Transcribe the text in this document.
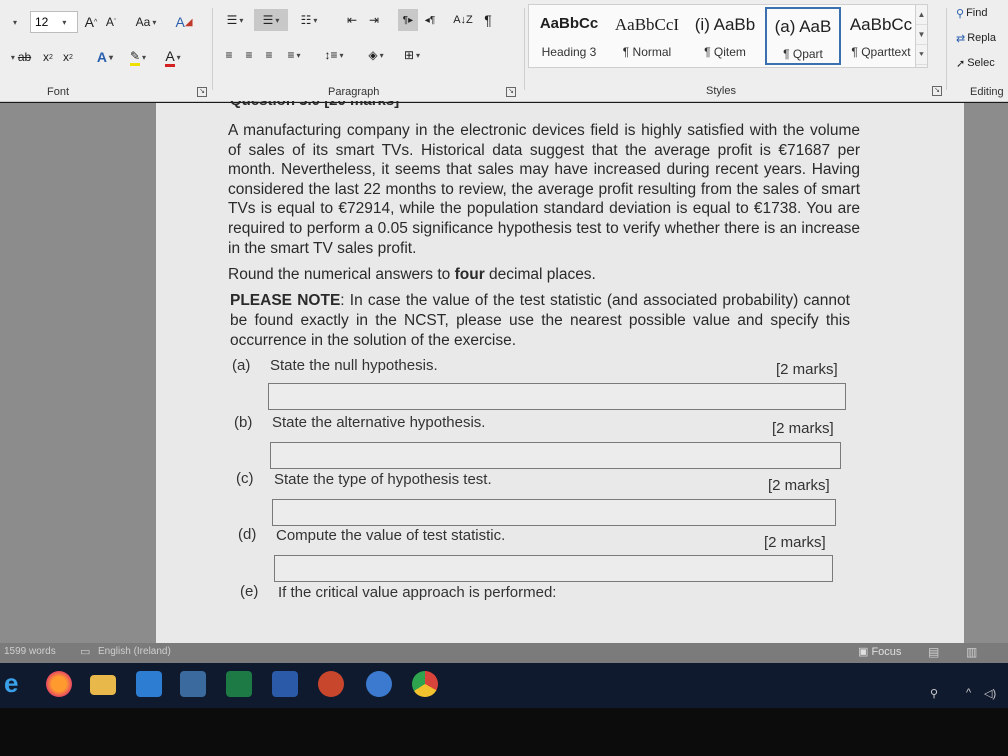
▾ 12 ▾ A ^ A ˇ Aa ▾ A ◢
▾ ab x 2 x 2	A ▾ ✎ ▾ A ▾
Font	↘
☰ ▾	☰ ▾	☷ ▾	⇤ ⇥	¶▸	◂¶	A↓Z ¶
≡	≡	≡	≡ ▾	↕≡ ▾	◈ ▾	⊞ ▾
Paragraph	↘
AaBbCc
Heading 3
AaBbCcI
¶ Normal
(i) AaBb
¶ Qitem
(a) AaB
¶ Qpart
AaBbCc
¶ Qparttext
▲
▼
⯆
Styles	↘
⚲ Find
⇄ Repla
➚ Selec
Editing
A manufacturing company in the electronic devices field is highly satisfied with the volume of sales of its smart TVs. Historical data suggest that the average profit is €71687 per month. Nevertheless, it seems that sales may have increased during recent years. Having considered the last 22 months to review, the average profit resulting from the sales of smart TVs is equal to €72914, while the population standard deviation is equal to €1738. You are required to perform a 0.05 significance hypothesis test to verify whether there is an increase in the smart TV sales profit.
Round the numerical answers to four decimal places.
PLEASE NOTE: In case the value of the test statistic (and associated probability) cannot be found exactly in the NCST, please use the nearest possible value and specify this occurrence in the solution of the exercise.
(a) State the null hypothesis.	[2 marks]
(b) State the alternative hypothesis.	[2 marks]
(c) State the type of hypothesis test.	[2 marks]
(d) Compute the value of test statistic.	[2 marks]
(e) If the critical value approach is performed:
1599 words ▭ English (Ireland)	▣ Focus ▤ ▥
e	⚲	^ ◁)
